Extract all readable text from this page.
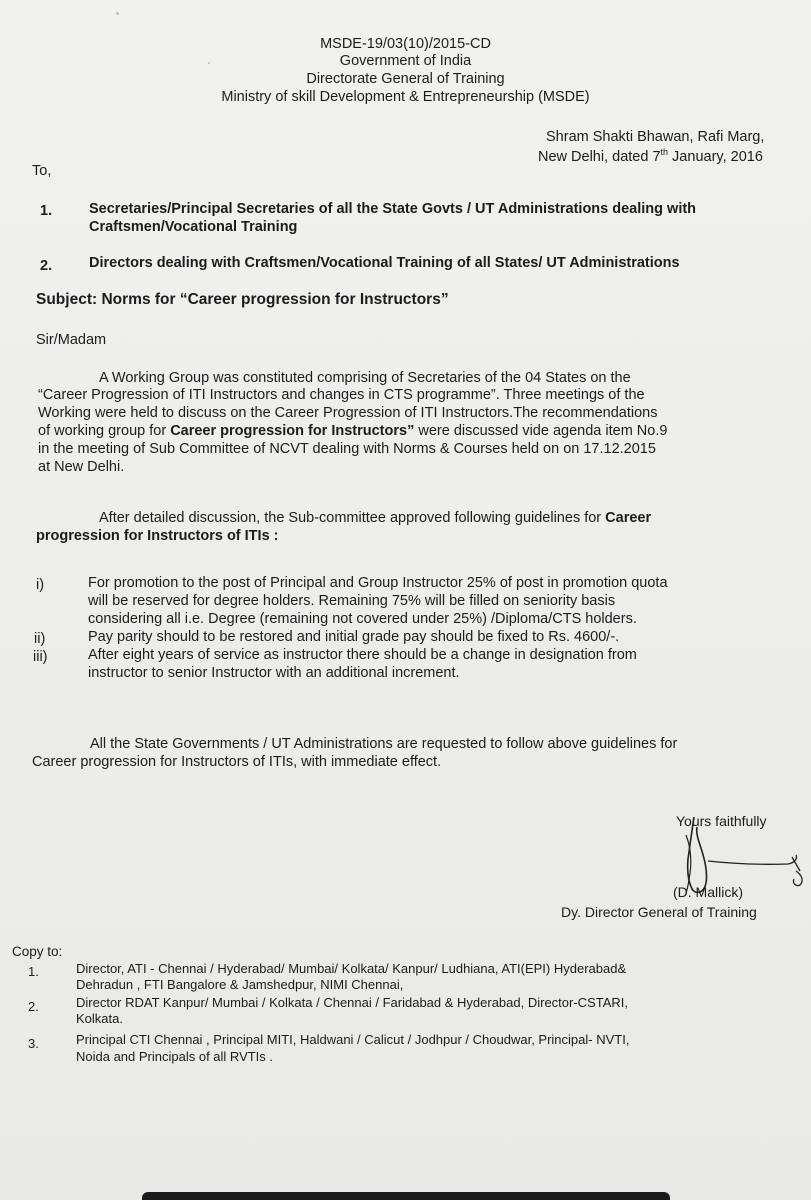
MSDE-19/03(10)/2015-CD
Government of India
Directorate General of Training
Ministry of skill Development & Entrepreneurship (MSDE)
Shram Shakti Bhawan, Rafi Marg,
New Delhi, dated 7th January, 2016
To,
1.	Secretaries/Principal Secretaries of all the State Govts / UT Administrations dealing with
Craftsmen/Vocational Training
2.	Directors dealing with Craftsmen/Vocational Training of all States/ UT Administrations
Subject: Norms for “Career progression for Instructors”
Sir/Madam
A Working Group was constituted comprising of Secretaries of the 04 States on the
“Career Progression of ITI Instructors and changes in CTS programme”. Three meetings of the
Working were held to discuss on the Career Progression of ITI Instructors.The recommendations
of working group for Career progression for Instructors” were discussed vide agenda item No.9
in the meeting of Sub Committee of NCVT dealing with Norms & Courses held on on 17.12.2015
at New Delhi.
After detailed discussion, the Sub-committee approved following guidelines for Career
progression for Instructors of ITIs :
i)	For promotion to the post of Principal and Group Instructor 25% of post in promotion quota
will be reserved for degree holders. Remaining 75% will be filled on seniority basis
considering all i.e. Degree (remaining not covered under 25%) /Diploma/CTS holders.
ii)	Pay parity should to be restored and initial grade pay should be fixed to Rs. 4600/-.
iii)	After eight years of service as instructor there should be a change in designation from
instructor to senior Instructor with an additional increment.
All the State Governments / UT Administrations are requested to follow above guidelines for
Career progression for Instructors of ITIs, with immediate effect.
Yours faithfully
(D. Mallick)
Dy. Director General of Training
Copy to:
1.	Director, ATI - Chennai / Hyderabad/ Mumbai/ Kolkata/ Kanpur/ Ludhiana, ATI(EPI) Hyderabad&
Dehradun , FTI Bangalore & Jamshedpur, NIMI Chennai,
2.	Director RDAT Kanpur/ Mumbai / Kolkata / Chennai / Faridabad & Hyderabad, Director-CSTARI,
Kolkata.
3.	Principal CTI Chennai , Principal MITI, Haldwani / Calicut / Jodhpur / Choudwar, Principal- NVTI,
Noida and Principals of all RVTIs .
